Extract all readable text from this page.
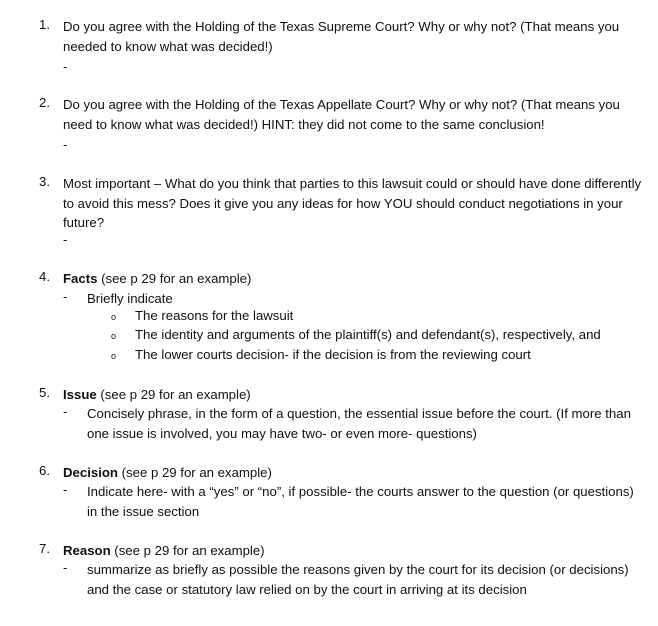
1. Do you agree with the Holding of the Texas Supreme Court? Why or why not? (That means you needed to know what was decided!)
-
2. Do you agree with the Holding of the Texas Appellate Court? Why or why not? (That means you need to know what was decided!) HINT: they did not come to the same conclusion!
-
3. Most important – What do you think that parties to this lawsuit could or should have done differently to avoid this mess? Does it give you any ideas for how YOU should conduct negotiations in your future?
-
4. Facts (see p 29 for an example)
- Briefly indicate
o The reasons for the lawsuit
o The identity and arguments of the plaintiff(s) and defendant(s), respectively, and
o The lower courts decision- if the decision is from the reviewing court
5. Issue (see p 29 for an example)
- Concisely phrase, in the form of a question, the essential issue before the court. (If more than one issue is involved, you may have two- or even more- questions)
6. Decision (see p 29 for an example)
- Indicate here- with a “yes” or “no”, if possible- the courts answer to the question (or questions) in the issue section
7. Reason (see p 29 for an example)
- summarize as briefly as possible the reasons given by the court for its decision (or decisions) and the case or statutory law relied on by the court in arriving at its decision
